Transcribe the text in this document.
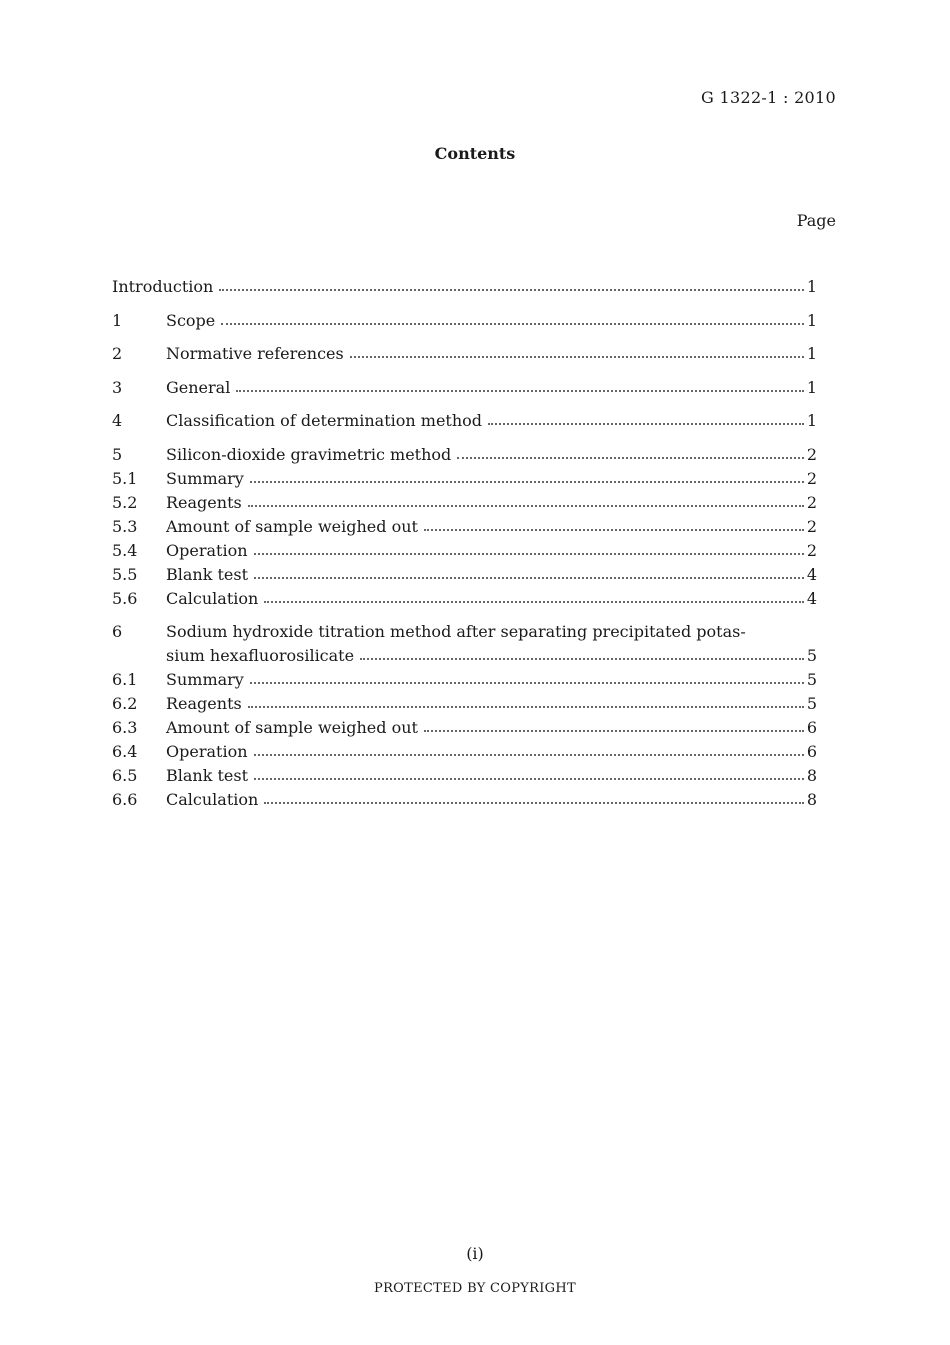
G 1322-1 : 2010
Contents
Page
Introduction	1
1	Scope	1
2	Normative references	1
3	General	1
4	Classification of determination method	1
5	Silicon-dioxide gravimetric method	2
5.1	Summary	2
5.2	Reagents	2
5.3	Amount of sample weighed out	2
5.4	Operation	2
5.5	Blank test	4
5.6	Calculation	4
6	Sodium hydroxide titration method after separating precipitated potas-
sium hexafluorosilicate	5
6.1	Summary	5
6.2	Reagents	5
6.3	Amount of sample weighed out	6
6.4	Operation	6
6.5	Blank test	8
6.6	Calculation	8
(i)
PROTECTED BY COPYRIGHT
